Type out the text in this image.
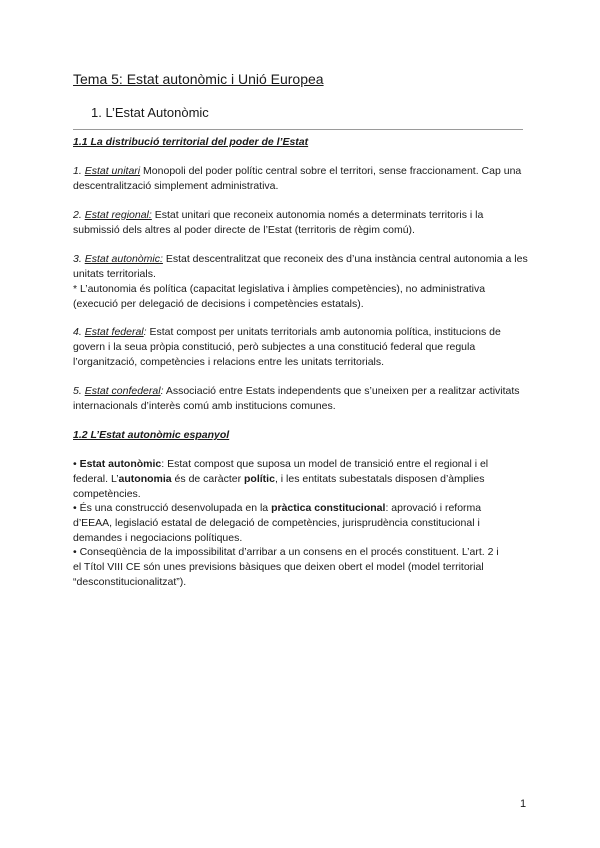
Tema 5: Estat autonòmic i Unió Europea
1. L’Estat Autonòmic
1.1 La distribució territorial del poder de l’Estat

1. Estat unitari Monopoli del poder polític central sobre el territori, sense fraccionament. Cap una descentralització simplement administrativa.

2. Estat regional: Estat unitari que reconeix autonomia només a determinats territoris i la submissió dels altres al poder directe de l’Estat (territoris de règim comú).

3. Estat autonòmic: Estat descentralitzat que reconeix des d’una instància central autonomia a les unitats territorials.
* L’autonomia és política (capacitat legislativa i àmplies competències), no administrativa (execució per delegació de decisions i competències estatals).

4. Estat federal: Estat compost per unitats territorials amb autonomia política, institucions de govern i la seua pròpia constitució, però subjectes a una constitució federal que regula l’organització, competències i relacions entre les unitats territorials.

5. Estat confederal: Associació entre Estats independents que s’uneixen per a realitzar activitats internacionals d’interès comú amb institucions comunes.

1.2 L’Estat autonòmic espanyol

• Estat autonòmic: Estat compost que suposa un model de transició entre el regional i el
federal. L’autonomia és de caràcter polític, i les entitats subestatals disposen d’àmplies
competències.

• És una construcció desenvolupada en la pràctica constitucional: aprovació i reforma
d’EEAA, legislació estatal de delegació de competències, jurisprudència constitucional i
demandes i negociacions polítiques.

• Conseqüència de la impossibilitat d’arribar a un consens en el procés constituent. L’art. 2 i
el Títol VIII CE són unes previsions bàsiques que deixen obert el model (model territorial
“desconstitucionalitzat”).

1
